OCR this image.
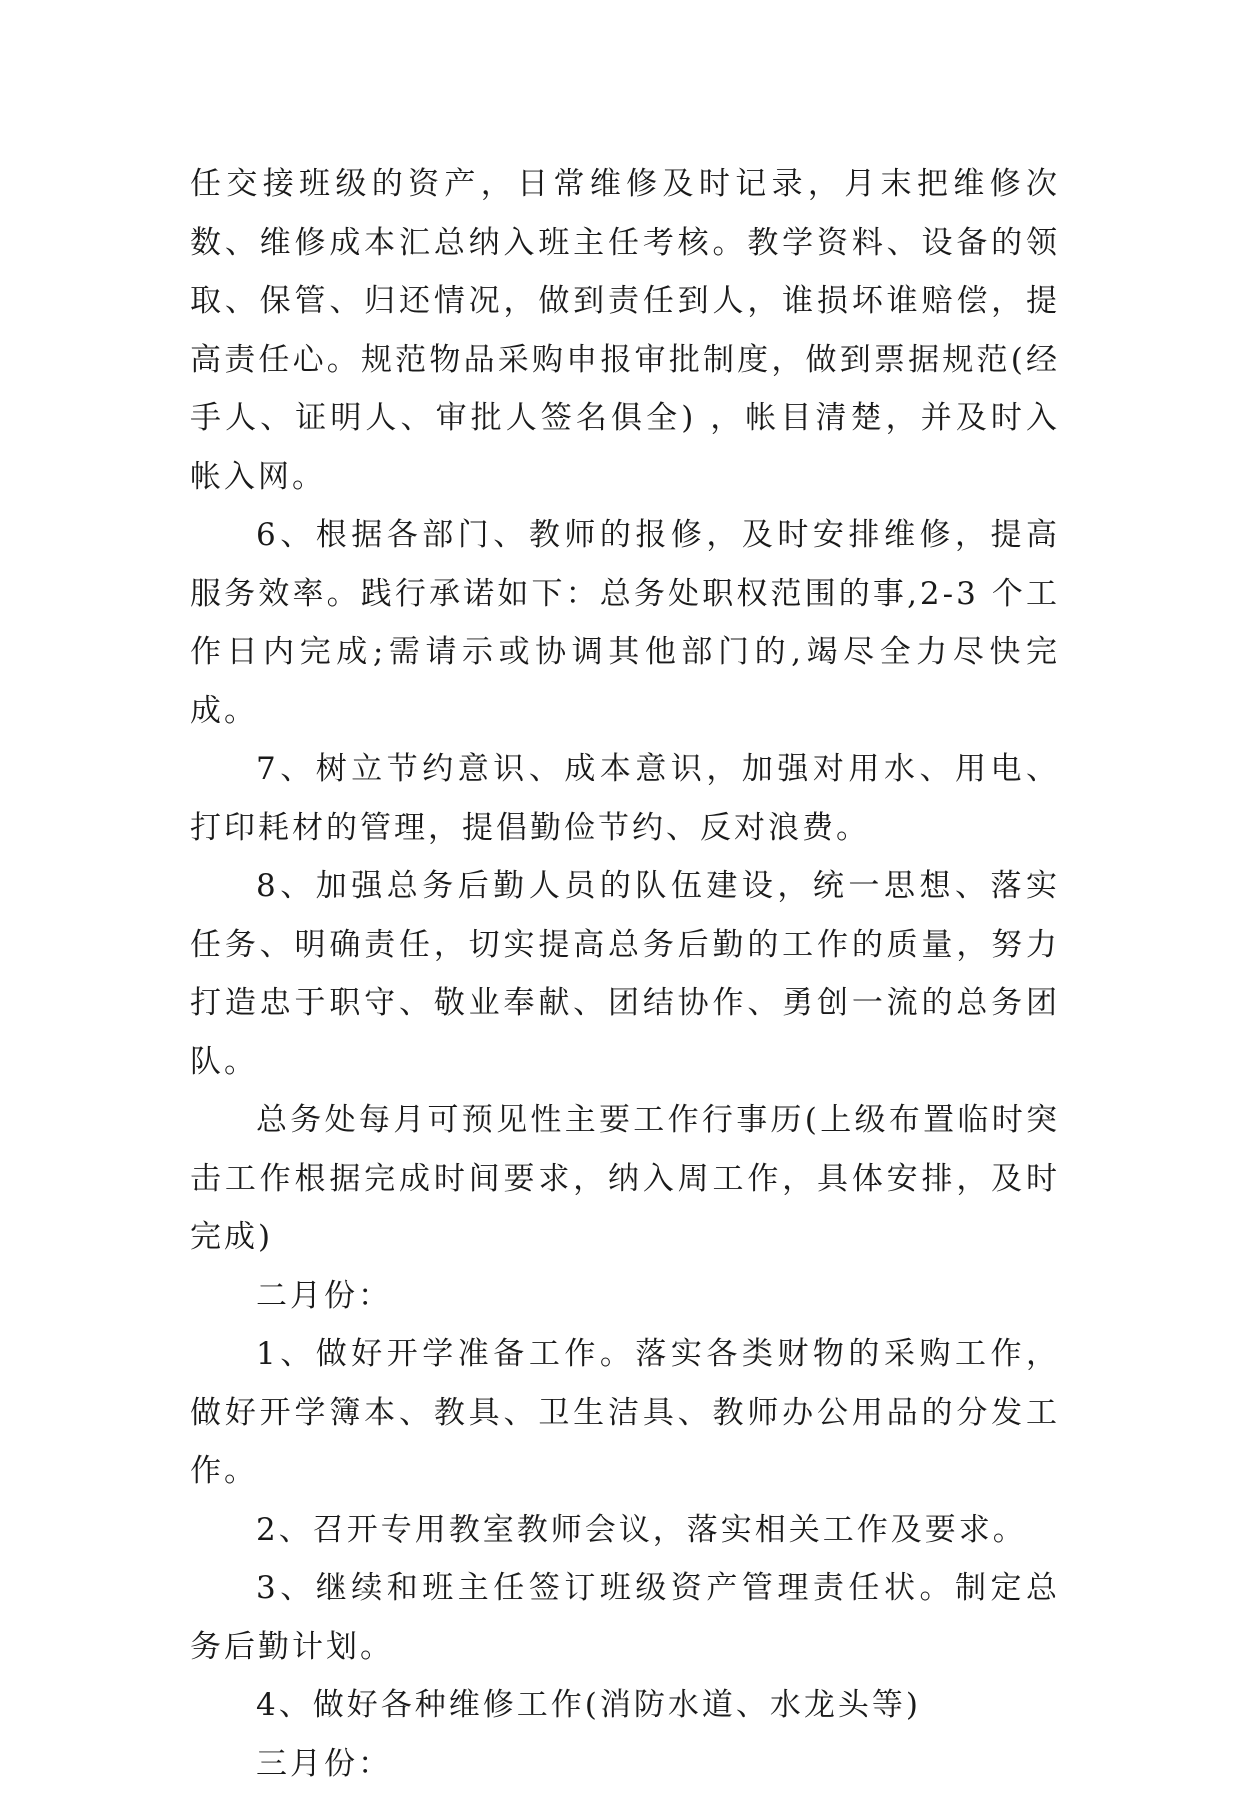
任交接班级的资产，日常维修及时记录，月末把维修次数、维修成本汇总纳入班主任考核。教学资料、设备的领取、保管、归还情况，做到责任到人，谁损坏谁赔偿，提高责任心。规范物品采购申报审批制度，做到票据规范(经手人、证明人、审批人签名俱全) ，帐目清楚，并及时入帐入网。

6、根据各部门、教师的报修，及时安排维修，提高服务效率。践行承诺如下：总务处职权范围的事,2-3 个工作日内完成;需请示或协调其他部门的,竭尽全力尽快完成。

7、树立节约意识、成本意识，加强对用水、用电、打印耗材的管理，提倡勤俭节约、反对浪费。

8、加强总务后勤人员的队伍建设，统一思想、落实任务、明确责任，切实提高总务后勤的工作的质量，努力打造忠于职守、敬业奉献、团结协作、勇创一流的总务团队。

总务处每月可预见性主要工作行事历(上级布置临时突击工作根据完成时间要求，纳入周工作，具体安排，及时完成)

二月份：

1、做好开学准备工作。落实各类财物的采购工作，做好开学簿本、教具、卫生洁具、教师办公用品的分发工作。

2、召开专用教室教师会议，落实相关工作及要求。

3、继续和班主任签订班级资产管理责任状。制定总务后勤计划。

4、做好各种维修工作(消防水道、水龙头等)

三月份：
